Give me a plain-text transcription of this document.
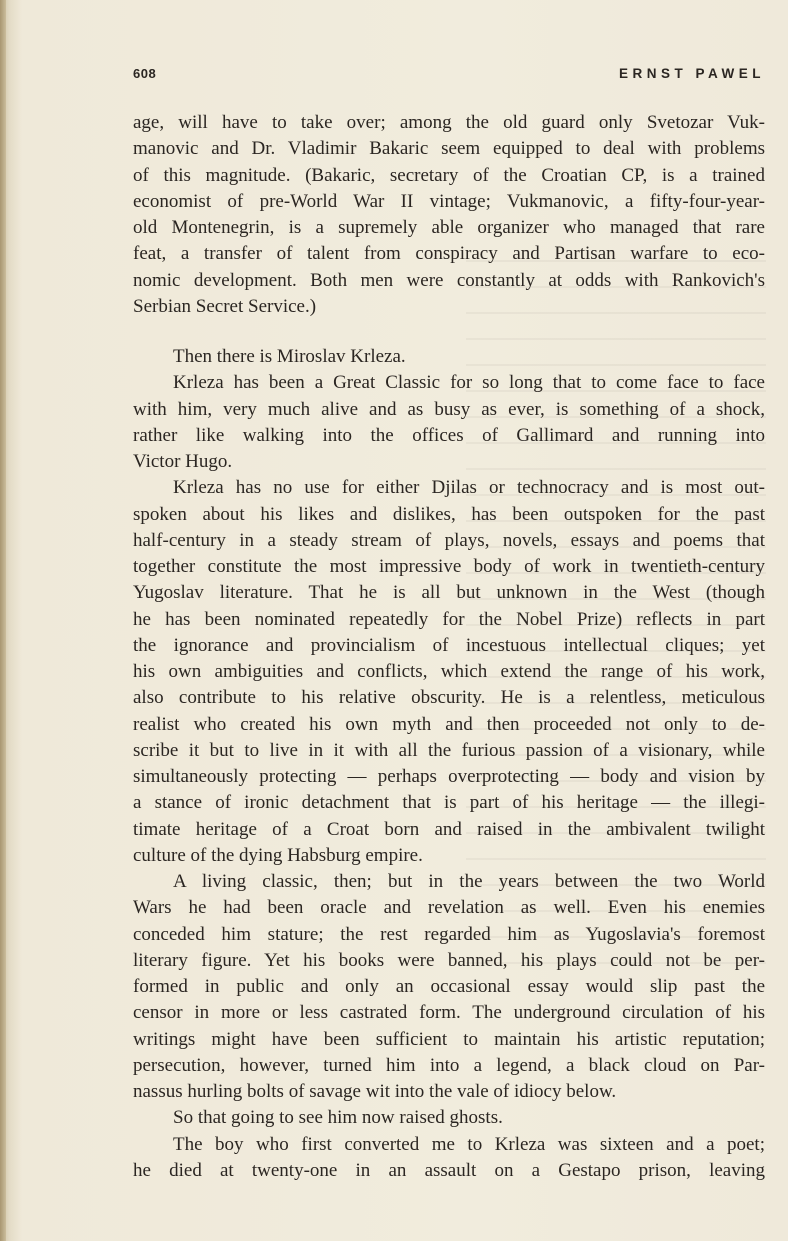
608	ERNST PAWEL
age, will have to take over; among the old guard only Svetozar Vuk-
manovic and Dr. Vladimir Bakaric seem equipped to deal with problems
of this magnitude. (Bakaric, secretary of the Croatian CP, is a trained
economist of pre-World War II vintage; Vukmanovic, a fifty-four-year-
old Montenegrin, is a supremely able organizer who managed that rare
feat, a transfer of talent from conspiracy and Partisan warfare to eco-
nomic development. Both men were constantly at odds with Rankovich's
Serbian Secret Service.)
Then there is Miroslav Krleza.
Krleza has been a Great Classic for so long that to come face to face
with him, very much alive and as busy as ever, is something of a shock,
rather like walking into the offices of Gallimard and running into
Victor Hugo.
Krleza has no use for either Djilas or technocracy and is most out-
spoken about his likes and dislikes, has been outspoken for the past
half-century in a steady stream of plays, novels, essays and poems that
together constitute the most impressive body of work in twentieth-century
Yugoslav literature. That he is all but unknown in the West (though
he has been nominated repeatedly for the Nobel Prize) reflects in part
the ignorance and provincialism of incestuous intellectual cliques; yet
his own ambiguities and conflicts, which extend the range of his work,
also contribute to his relative obscurity. He is a relentless, meticulous
realist who created his own myth and then proceeded not only to de-
scribe it but to live in it with all the furious passion of a visionary, while
simultaneously protecting — perhaps overprotecting — body and vision by
a stance of ironic detachment that is part of his heritage — the illegi-
timate heritage of a Croat born and raised in the ambivalent twilight
culture of the dying Habsburg empire.
A living classic, then; but in the years between the two World
Wars he had been oracle and revelation as well. Even his enemies
conceded him stature; the rest regarded him as Yugoslavia's foremost
literary figure. Yet his books were banned, his plays could not be per-
formed in public and only an occasional essay would slip past the
censor in more or less castrated form. The underground circulation of his
writings might have been sufficient to maintain his artistic reputation;
persecution, however, turned him into a legend, a black cloud on Par-
nassus hurling bolts of savage wit into the vale of idiocy below.
So that going to see him now raised ghosts.
The boy who first converted me to Krleza was sixteen and a poet;
he died at twenty-one in an assault on a Gestapo prison, leaving
